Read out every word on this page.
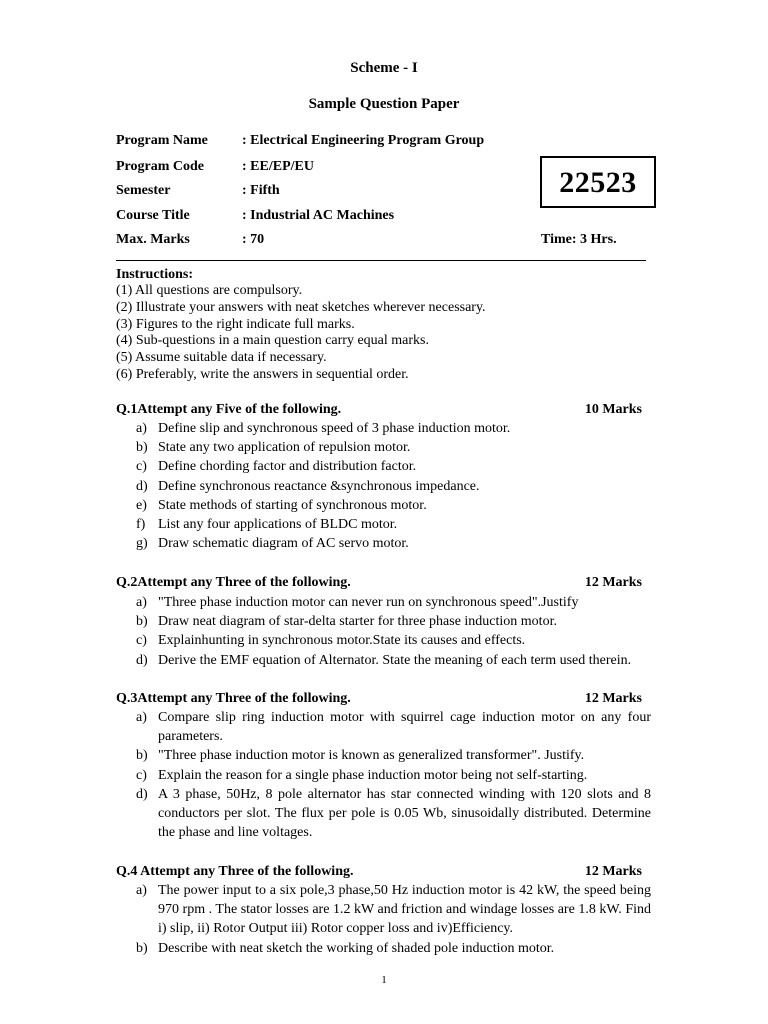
Scheme - I
Sample Question Paper
Program Name	: Electrical Engineering Program Group
Program Code	: EE/EP/EU
Semester	: Fifth
Course Title	: Industrial AC Machines
Max. Marks	: 70
22523
Time: 3 Hrs.
Instructions:
(1) All questions are compulsory.
(2) Illustrate your answers with neat sketches wherever necessary.
(3) Figures to the right indicate full marks.
(4) Sub-questions in a main question carry equal marks.
(5) Assume suitable data if necessary.
(6) Preferably, write the answers in sequential order.
Q.1Attempt any Five of the following.	10 Marks
a) Define slip and synchronous speed of 3 phase induction motor.
b) State any two application of repulsion motor.
c) Define chording factor and distribution factor.
d) Define synchronous reactance &synchronous impedance.
e) State methods of starting of synchronous motor.
f) List any four applications of BLDC motor.
g) Draw schematic diagram of AC servo motor.
Q.2Attempt any Three of the following.	12 Marks
a) "Three phase induction motor can never run on synchronous speed".Justify
b) Draw neat diagram of star-delta starter for three phase induction motor.
c) Explainhunting in synchronous motor.State its causes and effects.
d) Derive the EMF equation of Alternator. State the meaning of each term used therein.
Q.3Attempt any Three of the following.	12 Marks
a) Compare slip ring induction motor with squirrel cage induction motor on any four parameters.
b) "Three phase induction motor is known as generalized transformer". Justify.
c) Explain the reason for a single phase induction motor being not self-starting.
d) A 3 phase, 50Hz, 8 pole alternator has star connected winding with 120 slots and 8 conductors per slot. The flux per pole is 0.05 Wb, sinusoidally distributed. Determine the phase and line voltages.
Q.4 Attempt any Three of the following.	12 Marks
a) The power input to a six pole,3 phase,50 Hz induction motor is 42 kW, the speed being 970 rpm . The stator losses are 1.2 kW and friction and windage losses are 1.8 kW. Find i) slip, ii) Rotor Output iii) Rotor copper loss and iv)Efficiency.
b) Describe with neat sketch the working of shaded pole induction motor.
1
